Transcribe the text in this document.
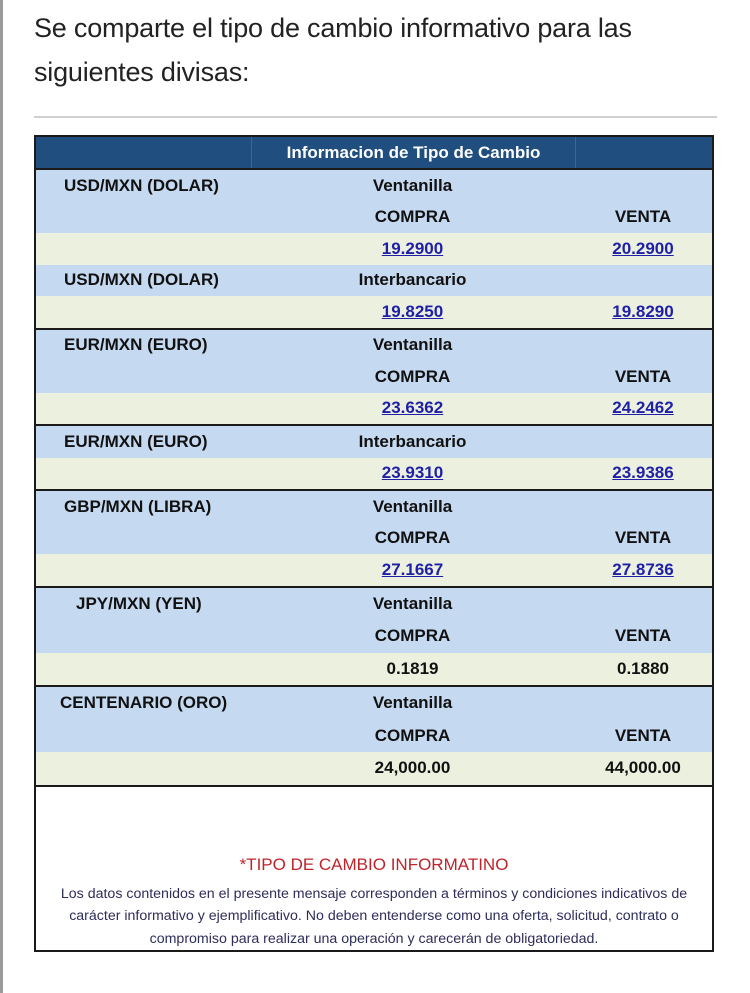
Se comparte el tipo de cambio informativo para las siguientes divisas:
Informacion de Tipo de Cambio
USD/MXN (DOLAR)	Ventanilla
COMPRA	VENTA
19.2900	20.2900
USD/MXN (DOLAR)	Interbancario
19.8250	19.8290
EUR/MXN (EURO)	Ventanilla
COMPRA	VENTA
23.6362	24.2462
EUR/MXN (EURO)	Interbancario
23.9310	23.9386
GBP/MXN (LIBRA)	Ventanilla
COMPRA	VENTA
27.1667	27.8736
JPY/MXN (YEN)	Ventanilla
COMPRA	VENTA
0.1819	0.1880
CENTENARIO (ORO)	Ventanilla
COMPRA	VENTA
24,000.00	44,000.00
*TIPO DE CAMBIO INFORMATINO
Los datos contenidos en el presente mensaje corresponden a términos y condiciones indicativos de carácter informativo y ejemplificativo. No deben entenderse como una oferta, solicitud, contrato o compromiso para realizar una operación y carecerán de obligatoriedad.
